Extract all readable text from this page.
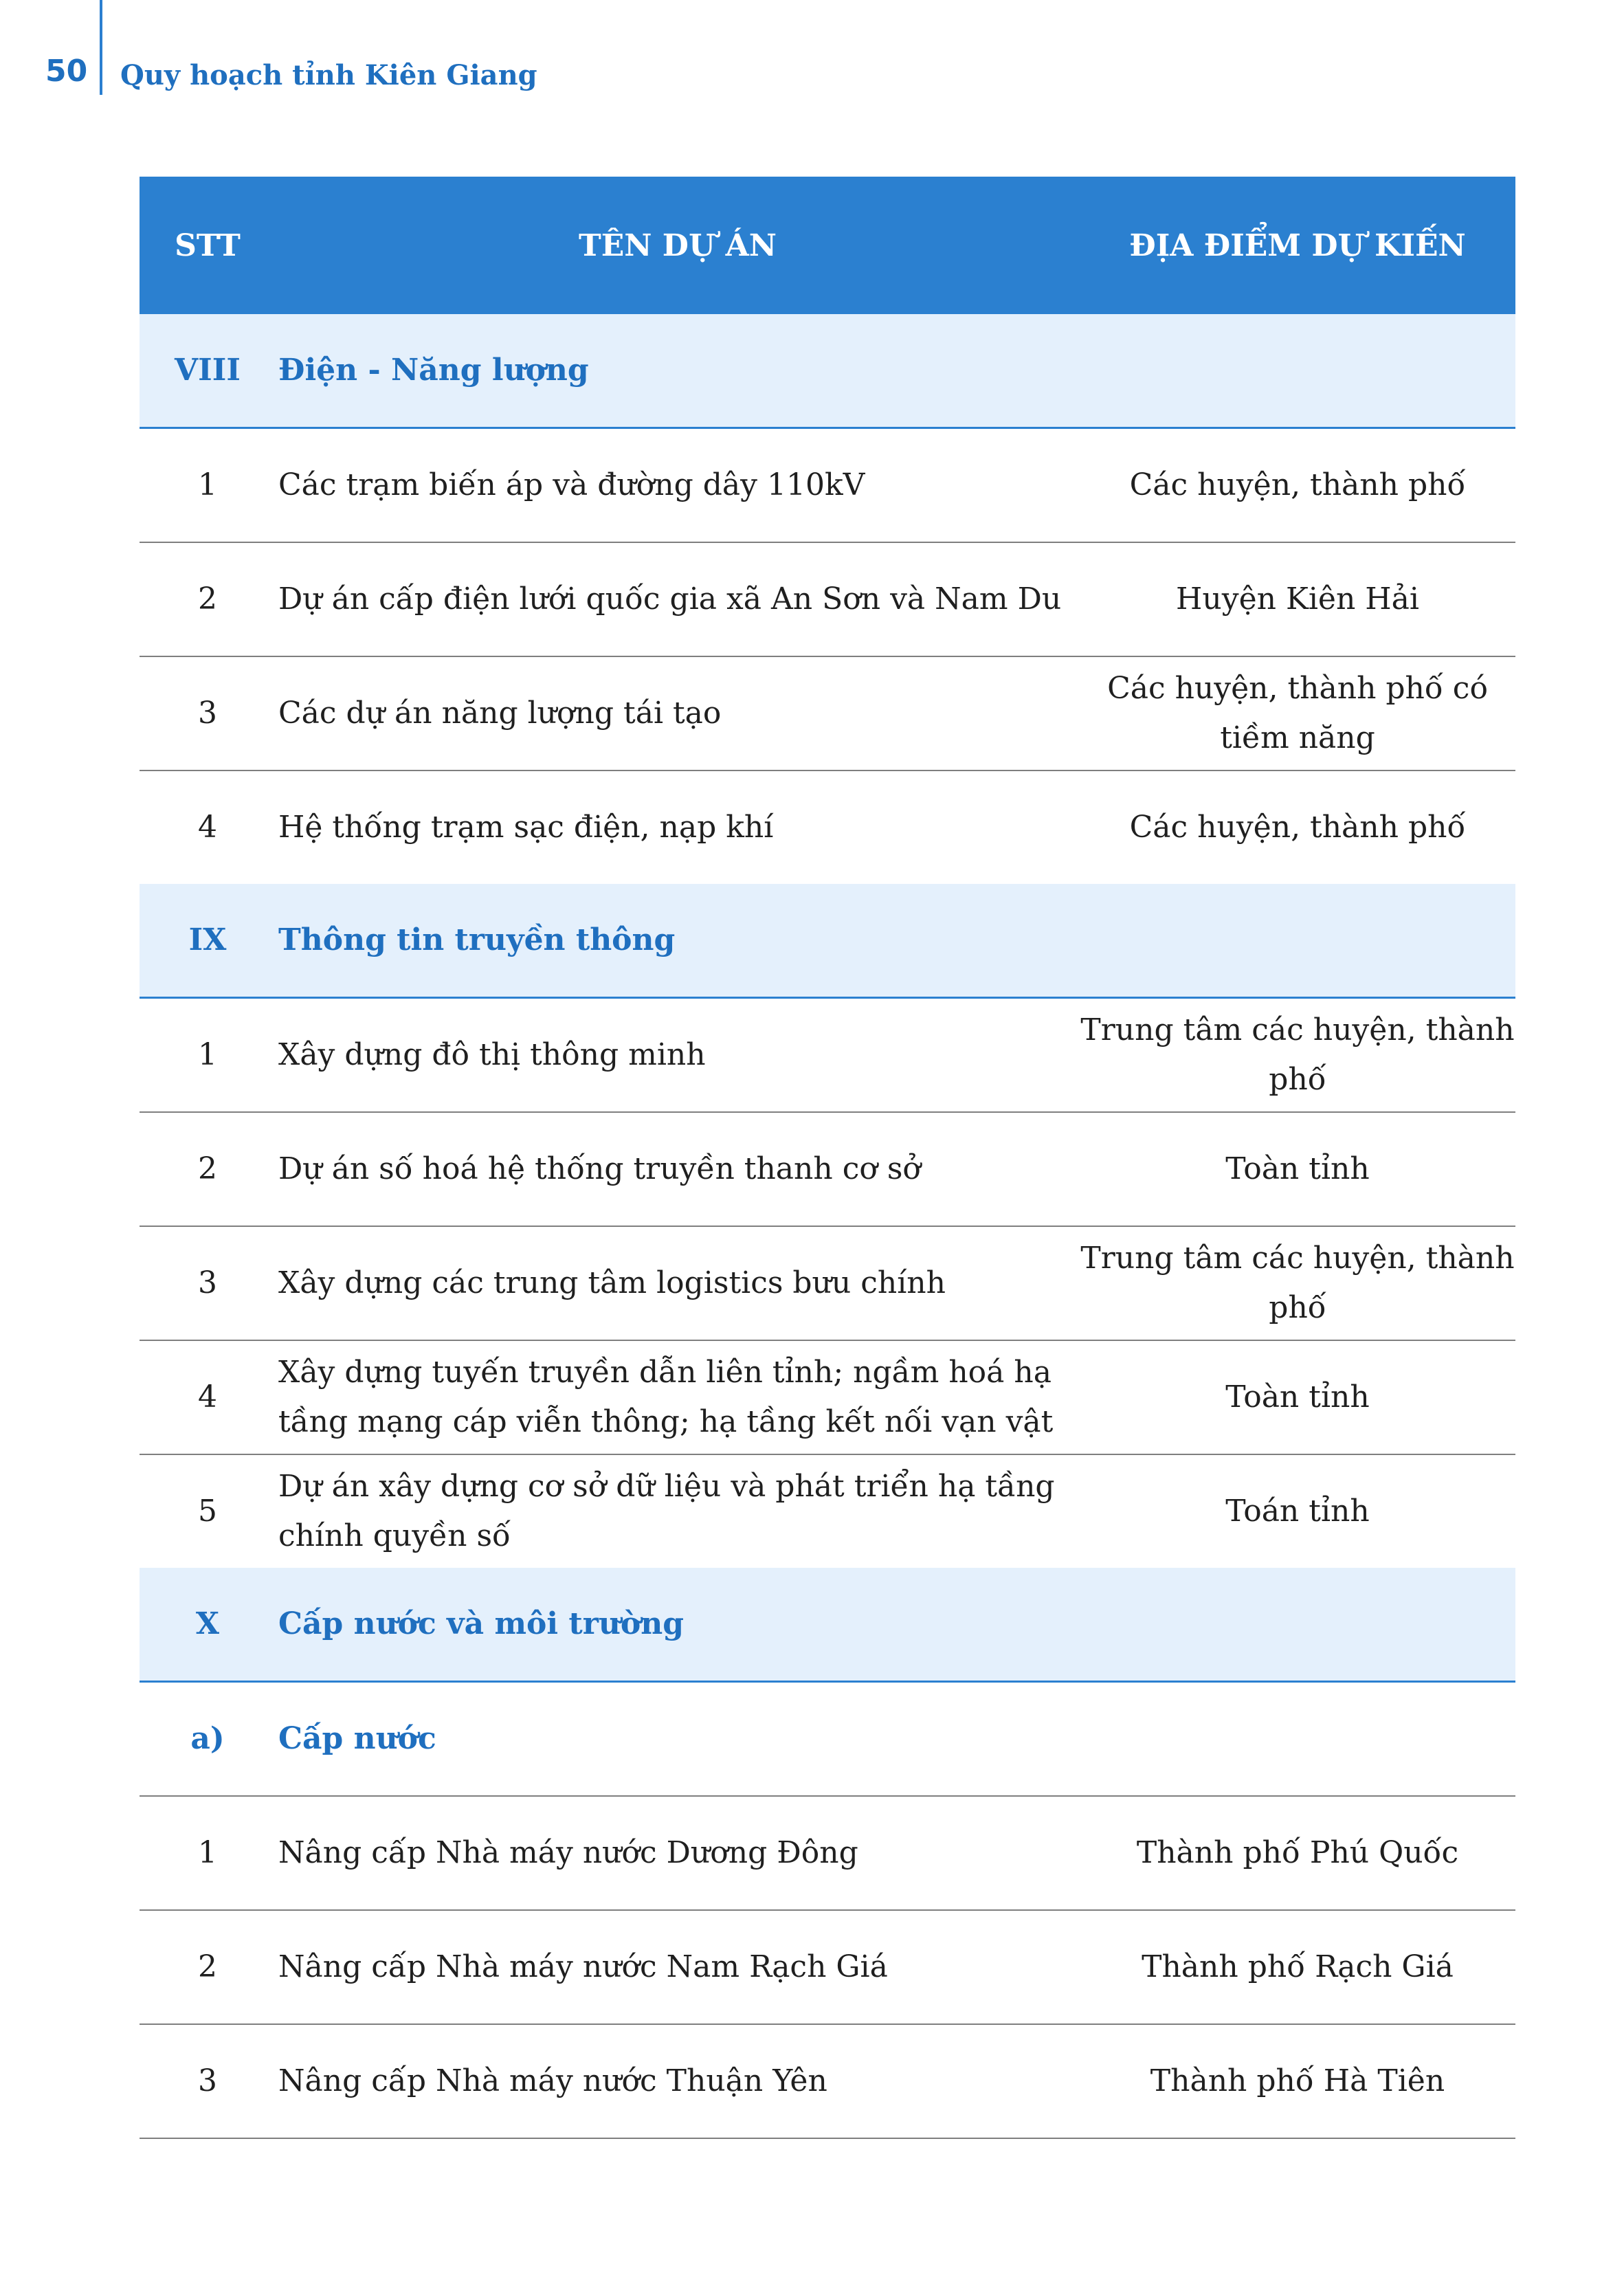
50 Quy hoạch tỉnh Kiên Giang
STT	TÊN DỰ ÁN	ĐỊA ĐIỂM DỰ KIẾN
VIII	Điện - Năng lượng	
1	Các trạm biến áp và đường dây 110kV	Các huyện, thành phố
2	Dự án cấp điện lưới quốc gia xã An Sơn và Nam Du	Huyện Kiên Hải
3	Các dự án năng lượng tái tạo	Các huyện, thành phố có tiềm năng
4	Hệ thống trạm sạc điện, nạp khí	Các huyện, thành phố
IX	Thông tin truyền thông	
1	Xây dựng đô thị thông minh	Trung tâm các huyện, thành phố
2	Dự án số hoá hệ thống truyền thanh cơ sở	Toàn tỉnh
3	Xây dựng các trung tâm logistics bưu chính	Trung tâm các huyện, thành phố
4	Xây dựng tuyến truyền dẫn liên tỉnh; ngầm hoá hạ tầng mạng cáp viễn thông; hạ tầng kết nối vạn vật	Toàn tỉnh
5	Dự án xây dựng cơ sở dữ liệu và phát triển hạ tầng chính quyền số	Toán tỉnh
X	Cấp nước và môi trường	
a)	Cấp nước	
1	Nâng cấp Nhà máy nước Dương Đông	Thành phố Phú Quốc
2	Nâng cấp Nhà máy nước Nam Rạch Giá	Thành phố Rạch Giá
3	Nâng cấp Nhà máy nước Thuận Yên	Thành phố Hà Tiên
